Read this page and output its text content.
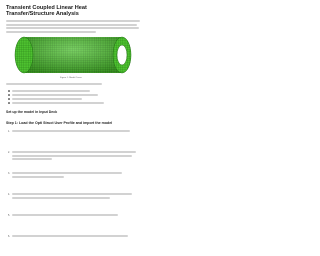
Transient Coupled Linear Heat Transfer/Structure Analysis
Figure 1: Model Cover
Set up the model in Input Deck
Step 1: Load the Opti Struct User Profile and import the model
1.
2.
3.
4.
5.
6.
